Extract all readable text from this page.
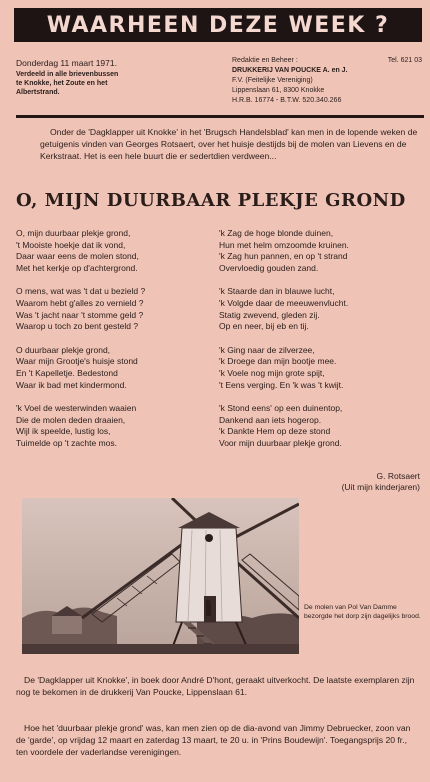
WAARHEEN DEZE WEEK ?
Donderdag 11 maart 1971.
Verdeeld in alle brievenbussen
te Knokke, het Zoute en het
Albertstrand.
Redaktie en Beheer :	Tel. 621 03
DRUKKERIJ VAN POUCKE A. en J.
F.V. (Feitelijke Vereniging)
Lippenslaan 61, 8300 Knokke
H.R.B. 16774 - B.T.W. 520.340.266
Onder de 'Dagklapper uit Knokke' in het 'Brugsch Handelsblad' kan men in de lopende weken de getuigenis vinden van Georges Rotsaert, over het huisje destijds bij de molen van Lievens en de Kerkstraat. Het is een hele buurt die er sedertdien verdween...
O, MIJN DUURBAAR PLEKJE GROND
O, mijn duurbaar plekje grond,
't Mooiste hoekje dat ik vond,
Daar waar eens de molen stond,
Met het kerkje op d'achtergrond.
O mens, wat was 't dat u bezield ?
Waarom hebt g'alles zo vernield ?
Was 't jacht naar 't stomme geld ?
Waarop u toch zo bent gesteld ?
O duurbaar plekje grond,
Waar mijn Grootje's huisje stond
En 't Kapelletje. Bedestond
Waar ik bad met kindermond.
'k Voel de westerwinden waaien
Die de molen deden draaien,
Wijl ik speelde, lustig los,
Tuimelde op 't zachte mos.
'k Zag de hoge blonde duinen,
Hun met helm omzoomde kruinen.
'k Zag hun pannen, en op 't strand
Overvloedig gouden zand.
'k Staarde dan in blauwe lucht,
'k Volgde daar de meeuwenvlucht.
Statig zwevend, gleden zij.
Op en neer, bij eb en tij.
'k Ging naar de zilverzee,
'k Droege dan mijn bootje mee.
'k Voele nog mijn grote spijt,
't Eens verging. En 'k was 't kwijt.
'k Stond eens' op een duinentop,
Dankend aan iets hogerop.
'k Dankte Hem op deze stond
Voor mijn duurbaar plekje grond.
G. Rotsaert
(Uit mijn kinderjaren)
De molen van Pol Van Damme bezorgde het dorp zijn dagelijks brood.
De 'Dagklapper uit Knokke', in boek door André D'hont, geraakt uitverkocht. De laatste exemplaren zijn nog te bekomen in de drukkerij Van Poucke, Lippenslaan 61.
Hoe het 'duurbaar plekje grond' was, kan men zien op de dia-avond van Jimmy Debruecker, zoon van de 'garde', op vrijdag 12 maart en zaterdag 13 maart, te 20 u. in 'Prins Boudewijn'. Toegangsprijs 20 fr., ten voordele der vaderlandse verenigingen.
